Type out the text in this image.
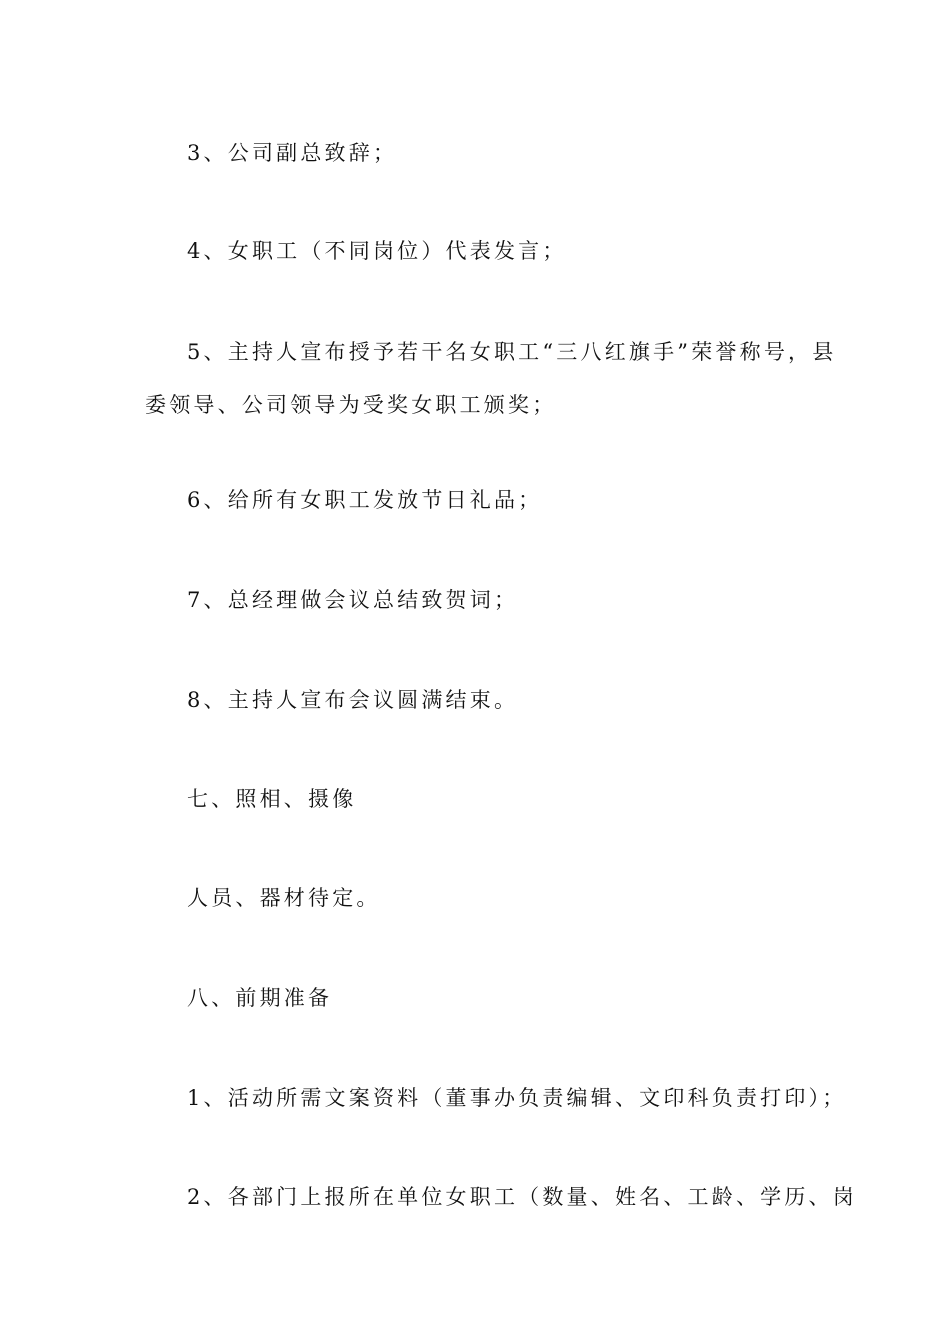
3、公司副总致辞；

4、女职工（不同岗位）代表发言；

5、主持人宣布授予若干名女职工“三八红旗手”荣誉称号，县

委领导、公司领导为受奖女职工颁奖；

6、给所有女职工发放节日礼品；

7、总经理做会议总结致贺词；

8、主持人宣布会议圆满结束。

七、照相、摄像

人员、器材待定。

八、前期准备

1、活动所需文案资料（董事办负责编辑、文印科负责打印）；

2、各部门上报所在单位女职工（数量、姓名、工龄、学历、岗
